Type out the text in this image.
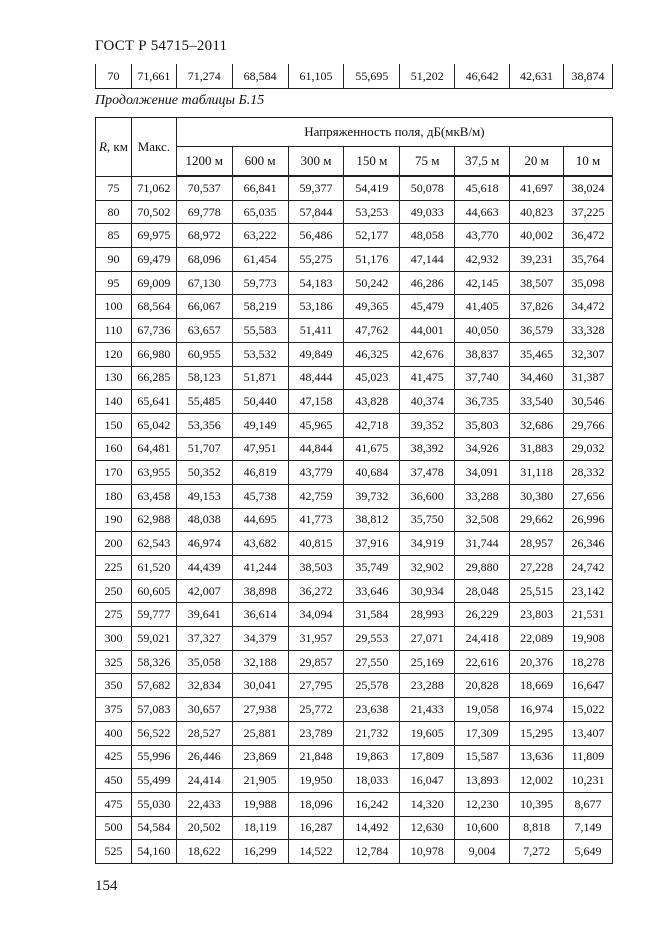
ГОСТ Р 54715–2011
70	71,661	71,274	68,584	61,105	55,695	51,202	46,642	42,631	38,874
Продолжение таблицы Б.15
R, км	Макс.	Напряженность поля, дБ(мкВ/м)							
		1200 м	600 м	300 м	150 м	75 м	37,5 м	20 м	10 м
75	71,062	70,537	66,841	59,377	54,419	50,078	45,618	41,697	38,024
80	70,502	69,778	65,035	57,844	53,253	49,033	44,663	40,823	37,225
85	69,975	68,972	63,222	56,486	52,177	48,058	43,770	40,002	36,472
90	69,479	68,096	61,454	55,275	51,176	47,144	42,932	39,231	35,764
95	69,009	67,130	59,773	54,183	50,242	46,286	42,145	38,507	35,098
100	68,564	66,067	58,219	53,186	49,365	45,479	41,405	37,826	34,472
110	67,736	63,657	55,583	51,411	47,762	44,001	40,050	36,579	33,328
120	66,980	60,955	53,532	49,849	46,325	42,676	38,837	35,465	32,307
130	66,285	58,123	51,871	48,444	45,023	41,475	37,740	34,460	31,387
140	65,641	55,485	50,440	47,158	43,828	40,374	36,735	33,540	30,546
150	65,042	53,356	49,149	45,965	42,718	39,352	35,803	32,686	29,766
160	64,481	51,707	47,951	44,844	41,675	38,392	34,926	31,883	29,032
170	63,955	50,352	46,819	43,779	40,684	37,478	34,091	31,118	28,332
180	63,458	49,153	45,738	42,759	39,732	36,600	33,288	30,380	27,656
190	62,988	48,038	44,695	41,773	38,812	35,750	32,508	29,662	26,996
200	62,543	46,974	43,682	40,815	37,916	34,919	31,744	28,957	26,346
225	61,520	44,439	41,244	38,503	35,749	32,902	29,880	27,228	24,742
250	60,605	42,007	38,898	36,272	33,646	30,934	28,048	25,515	23,142
275	59,777	39,641	36,614	34,094	31,584	28,993	26,229	23,803	21,531
300	59,021	37,327	34,379	31,957	29,553	27,071	24,418	22,089	19,908
325	58,326	35,058	32,188	29,857	27,550	25,169	22,616	20,376	18,278
350	57,682	32,834	30,041	27,795	25,578	23,288	20,828	18,669	16,647
375	57,083	30,657	27,938	25,772	23,638	21,433	19,058	16,974	15,022
400	56,522	28,527	25,881	23,789	21,732	19,605	17,309	15,295	13,407
425	55,996	26,446	23,869	21,848	19,863	17,809	15,587	13,636	11,809
450	55,499	24,414	21,905	19,950	18,033	16,047	13,893	12,002	10,231
475	55,030	22,433	19,988	18,096	16,242	14,320	12,230	10,395	8,677
500	54,584	20,502	18,119	16,287	14,492	12,630	10,600	8,818	7,149
525	54,160	18,622	16,299	14,522	12,784	10,978	9,004	7,272	5,649
154
